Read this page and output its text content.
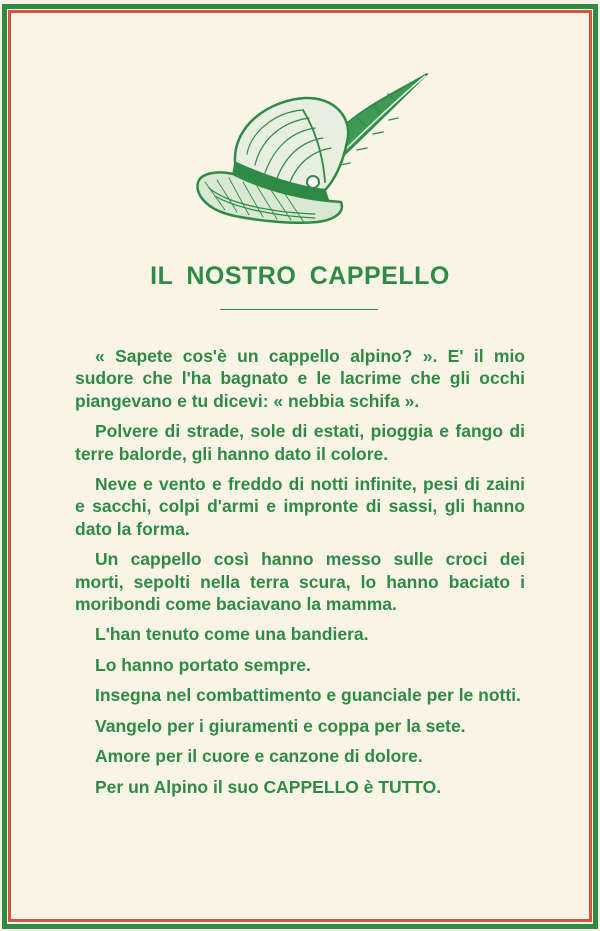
IL NOSTRO CAPPELLO

« Sapete cos'è un cappello alpino? ». E' il mio sudore che l'ha bagnato e le lacrime che gli occhi piangevano e tu dicevi: « nebbia schifa ».

Polvere di strade, sole di estati, pioggia e fango di terre balorde, gli hanno dato il colore.

Neve e vento e freddo di notti infinite, pesi di zaini e sacchi, colpi d'armi e impronte di sassi, gli hanno dato la forma.

Un cappello così hanno messo sulle croci dei morti, sepolti nella terra scura, lo hanno baciato i moribondi come baciavano la mamma.

L'han tenuto come una bandiera.

Lo hanno portato sempre.

Insegna nel combattimento e guanciale per le notti.

Vangelo per i giuramenti e coppa per la sete.

Amore per il cuore e canzone di dolore.

Per un Alpino il suo CAPPELLO è TUTTO.
